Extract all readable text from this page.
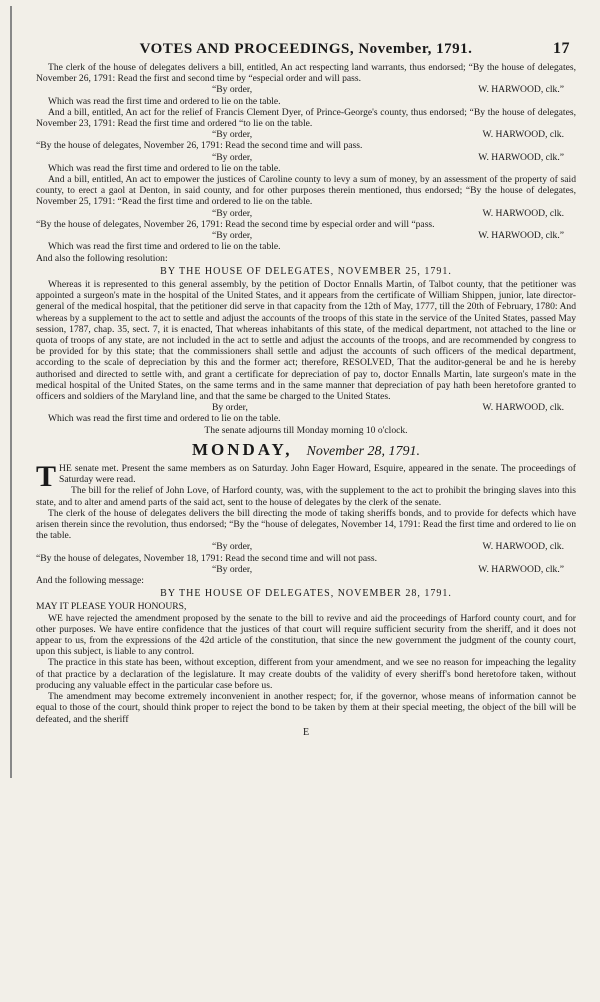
VOTES AND PROCEEDINGS, November, 1791.	17

The clerk of the house of delegates delivers a bill, entitled, An act respecting land warrants, thus endorsed; “By the house of delegates, November 26, 1791: Read the first and second time by “especial order and will pass.

“By order,	W. HARWOOD, clk.”

Which was read the first time and ordered to lie on the table.

And a bill, entitled, An act for the relief of Francis Clement Dyer, of Prince-George's county, thus endorsed; “By the house of delegates, November 23, 1791: Read the first time and ordered “to lie on the table.

“By order,	W. HARWOOD, clk.

“By the house of delegates, November 26, 1791: Read the second time and will pass.

“By order,	W. HARWOOD, clk.”

Which was read the first time and ordered to lie on the table.

And a bill, entitled, An act to empower the justices of Caroline county to levy a sum of money, by an assessment of the property of said county, to erect a gaol at Denton, in said county, and for other purposes therein mentioned, thus endorsed; “By the house of delegates, November 25, 1791: “Read the first time and ordered to lie on the table.

“By order,	W. HARWOOD, clk.

“By the house of delegates, November 26, 1791: Read the second time by especial order and will “pass.

“By order,	W. HARWOOD, clk.”

Which was read the first time and ordered to lie on the table.

And also the following resolution:

BY THE HOUSE OF DELEGATES, NOVEMBER 25, 1791.

Whereas it is represented to this general assembly, by the petition of Doctor Ennalls Martin, of Talbot county, that the petitioner was appointed a surgeon's mate in the hospital of the United States, and it appears from the certificate of William Shippen, junior, late director-general of the medical hospital, that the petitioner did serve in that capacity from the 12th of May, 1777, till the 20th of February, 1780: And whereas by a supplement to the act to settle and adjust the accounts of the troops of this state in the service of the United States, passed May session, 1787, chap. 35, sect. 7, it is enacted, That whereas inhabitants of this state, of the medical department, not attached to the line or quota of troops of any state, are not included in the act to settle and adjust the accounts of the troops, and are recommended by congress to be provided for by this state; that the commissioners shall settle and adjust the accounts of such officers of the medical department, according to the scale of depreciation by this and the former act; therefore, RESOLVED, That the auditor-general be and he is hereby authorised and directed to settle with, and grant a certificate for depreciation of pay to, doctor Ennalls Martin, late surgeon's mate in the medical hospital of the United States, on the same terms and in the same manner that depreciation of pay hath been heretofore granted to officers and soldiers of the Maryland line, and that the same be charged to the United States.

By order,	W. HARWOOD, clk.

Which was read the first time and ordered to lie on the table.

The senate adjourns till Monday morning 10 o'clock.

MONDAY, November 28, 1791.

THE senate met. Present the same members as on Saturday. John Eager Howard, Esquire, appeared in the senate. The proceedings of Saturday were read.

The bill for the relief of John Love, of Harford county, was, with the supplement to the act to prohibit the bringing slaves into this state, and to alter and amend parts of the said act, sent to the house of delegates by the clerk of the senate.

The clerk of the house of delegates delivers the bill directing the mode of taking sheriffs bonds, and to provide for defects which have arisen therein since the revolution, thus endorsed; “By the “house of delegates, November 14, 1791: Read the first time and ordered to lie on the table.

“By order,	W. HARWOOD, clk.

“By the house of delegates, November 18, 1791: Read the second time and will not pass.

“By order,	W. HARWOOD, clk.”

And the following message:

BY THE HOUSE OF DELEGATES, NOVEMBER 28, 1791.

MAY IT PLEASE YOUR HONOURS,

WE have rejected the amendment proposed by the senate to the bill to revive and aid the proceedings of Harford county court, and for other purposes. We have entire confidence that the justices of that court will require sufficient security from the sheriff, and it does not appear to us, from the expressions of the 42d article of the constitution, that since the new government the judgment of the county court, upon this subject, is liable to any control.

The practice in this state has been, without exception, different from your amendment, and we see no reason for impeaching the legality of that practice by a declaration of the legislature. It may create doubts of the validity of every sheriff's bond heretofore taken, without producing any valuable effect in the particular case before us.

The amendment may become extremely inconvenient in another respect; for, if the governor, whose means of information cannot be equal to those of the court, should think proper to reject the bond to be taken by them at their special meeting, the object of the bill will be defeated, and the sheriff

E
